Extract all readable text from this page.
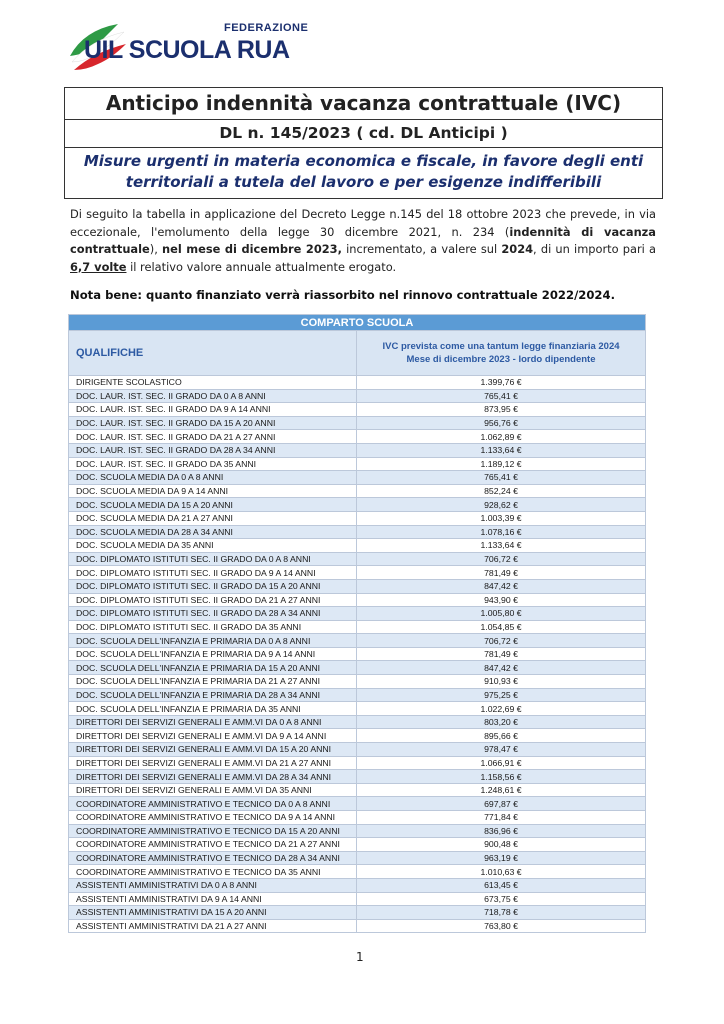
FEDERAZIONE
UIL SCUOLA RUA
Anticipo indennità vacanza contrattuale (IVC)
DL n. 145/2023 ( cd. DL Anticipi )
Misure urgenti in materia economica e fiscale, in favore degli enti territoriali a tutela del lavoro e per esigenze indifferibili
Di seguito la tabella in applicazione del Decreto Legge n.145 del 18 ottobre 2023 che prevede, in via eccezionale, l'emolumento della legge 30 dicembre 2021, n. 234 (indennità di vacanza contrattuale), nel mese di dicembre 2023, incrementato, a valere sul 2024, di un importo pari a 6,7 volte il relativo valore annuale attualmente erogato.
Nota bene: quanto finanziato verrà riassorbito nel rinnovo contrattuale 2022/2024.
COMPARTO SCUOLA	
QUALIFICHE	IVC prevista come una tantum legge finanziaria 2024
Mese di dicembre 2023 - lordo dipendente

DIRIGENTE SCOLASTICO	1.399,76 €
DOC. LAUR. IST. SEC. II GRADO DA 0 A 8 ANNI	765,41 €
DOC. LAUR. IST. SEC. II GRADO DA 9 A 14 ANNI	873,95 €
DOC. LAUR. IST. SEC. II GRADO DA 15 A 20 ANNI	956,76 €
DOC. LAUR. IST. SEC. II GRADO DA 21 A 27 ANNI	1.062,89 €
DOC. LAUR. IST. SEC. II GRADO DA 28 A 34 ANNI	1.133,64 €
DOC. LAUR. IST. SEC. II GRADO DA 35 ANNI	1.189,12 €
DOC. SCUOLA MEDIA DA 0 A 8 ANNI	765,41 €
DOC. SCUOLA MEDIA DA 9 A 14 ANNI	852,24 €
DOC. SCUOLA MEDIA DA 15 A 20 ANNI	928,62 €
DOC. SCUOLA MEDIA DA 21 A 27 ANNI	1.003,39 €
DOC. SCUOLA MEDIA DA 28 A 34 ANNI	1.078,16 €
DOC. SCUOLA MEDIA DA 35 ANNI	1.133,64 €
DOC. DIPLOMATO ISTITUTI SEC. II GRADO DA 0 A 8 ANNI	706,72 €
DOC. DIPLOMATO ISTITUTI SEC. II GRADO DA 9 A 14 ANNI	781,49 €
DOC. DIPLOMATO ISTITUTI SEC. II GRADO DA 15 A 20 ANNI	847,42 €
DOC. DIPLOMATO ISTITUTI SEC. II GRADO DA 21 A 27 ANNI	943,90 €
DOC. DIPLOMATO ISTITUTI SEC. II GRADO DA 28 A 34 ANNI	1.005,80 €
DOC. DIPLOMATO ISTITUTI SEC. II GRADO DA 35 ANNI	1.054,85 €
DOC. SCUOLA DELL'INFANZIA E PRIMARIA DA 0 A 8 ANNI	706,72 €
DOC. SCUOLA DELL'INFANZIA E PRIMARIA DA 9 A 14 ANNI	781,49 €
DOC. SCUOLA DELL'INFANZIA E PRIMARIA DA 15 A 20 ANNI	847,42 €
DOC. SCUOLA DELL'INFANZIA E PRIMARIA DA 21 A 27 ANNI	910,93 €
DOC. SCUOLA DELL'INFANZIA E PRIMARIA DA 28 A 34 ANNI	975,25 €
DOC. SCUOLA DELL'INFANZIA E PRIMARIA DA 35 ANNI	1.022,69 €
DIRETTORI DEI SERVIZI GENERALI E AMM.VI DA 0 A 8 ANNI	803,20 €
DIRETTORI DEI SERVIZI GENERALI E AMM.VI DA 9 A 14 ANNI	895,66 €
DIRETTORI DEI SERVIZI GENERALI E AMM.VI DA 15 A 20 ANNI	978,47 €
DIRETTORI DEI SERVIZI GENERALI E AMM.VI DA 21 A 27 ANNI	1.066,91 €
DIRETTORI DEI SERVIZI GENERALI E AMM.VI DA 28 A 34 ANNI	1.158,56 €
DIRETTORI DEI SERVIZI GENERALI E AMM.VI DA 35 ANNI	1.248,61 €
COORDINATORE AMMINISTRATIVO E TECNICO DA 0 A 8 ANNI	697,87 €
COORDINATORE AMMINISTRATIVO E TECNICO DA 9 A 14 ANNI	771,84 €
COORDINATORE AMMINISTRATIVO E TECNICO DA 15 A 20 ANNI	836,96 €
COORDINATORE AMMINISTRATIVO E TECNICO DA 21 A 27 ANNI	900,48 €
COORDINATORE AMMINISTRATIVO E TECNICO DA 28 A 34 ANNI	963,19 €
COORDINATORE AMMINISTRATIVO E TECNICO DA 35 ANNI	1.010,63 €
ASSISTENTI AMMINISTRATIVI DA 0 A 8 ANNI	613,45 €
ASSISTENTI AMMINISTRATIVI DA 9 A 14 ANNI	673,75 €
ASSISTENTI AMMINISTRATIVI DA 15 A 20 ANNI	718,78 €
ASSISTENTI AMMINISTRATIVI DA 21 A 27 ANNI	763,80 €
1
